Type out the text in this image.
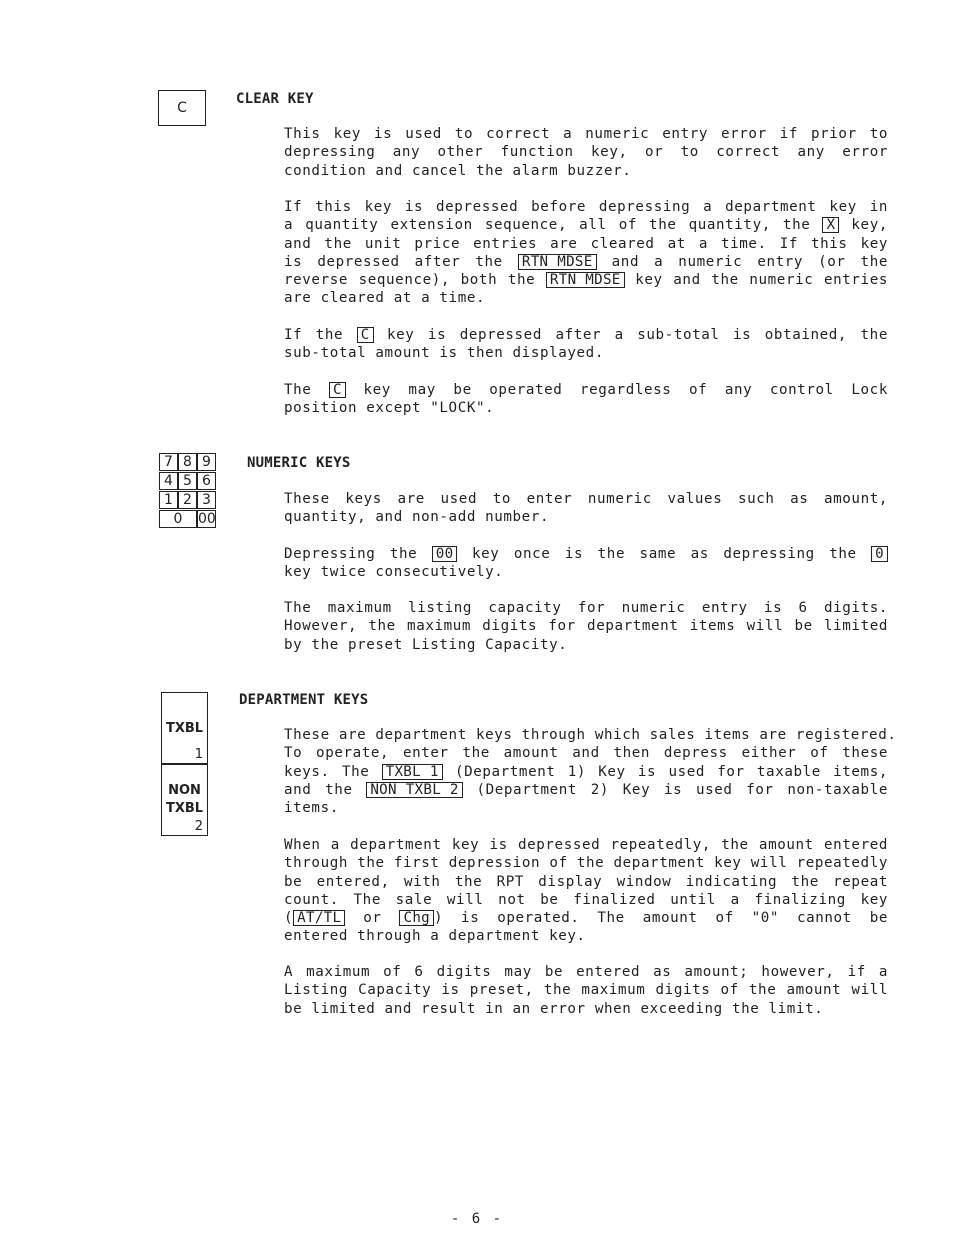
C
CLEAR KEY
This key is used to correct a numeric entry error if prior to
depressing any other function key, or to correct any error
condition and cancel the alarm buzzer.
If this key is depressed before depressing a department key in
a quantity extension sequence, all of the quantity, the X key,
and the unit price entries are cleared at a time. If this key
is depressed after the RTN MDSE and a numeric entry (or the
reverse sequence), both the RTN MDSE key and the numeric entries
are cleared at a time.
If the C key is depressed after a sub-total is obtained, the
sub-total amount is then displayed.
The C key may be operated regardless of any control Lock
position except "LOCK".
7 8 9
4 5 6
1 2 3
0	00
NUMERIC KEYS
These keys are used to enter numeric values such as amount,
quantity, and non-add number.
Depressing the 00 key once is the same as depressing the 0
key twice consecutively.
The maximum listing capacity for numeric entry is 6 digits.
However, the maximum digits for department items will be limited
by the preset Listing Capacity.
TXBL
1
NON
TXBL
2
DEPARTMENT KEYS
These are department keys through which sales items are registered.
To operate, enter the amount and then depress either of these
keys. The TXBL 1 (Department 1) Key is used for taxable items,
and the NON TXBL 2 (Department 2) Key is used for non-taxable
items.
When a department key is depressed repeatedly, the amount entered
through the first depression of the department key will repeatedly
be entered, with the RPT display window indicating the repeat
count. The sale will not be finalized until a finalizing key
( AT/TL or Chg ) is operated. The amount of "0" cannot be
entered through a department key.
A maximum of 6 digits may be entered as amount; however, if a
Listing Capacity is preset, the maximum digits of the amount will
be limited and result in an error when exceeding the limit.
- 6 -
